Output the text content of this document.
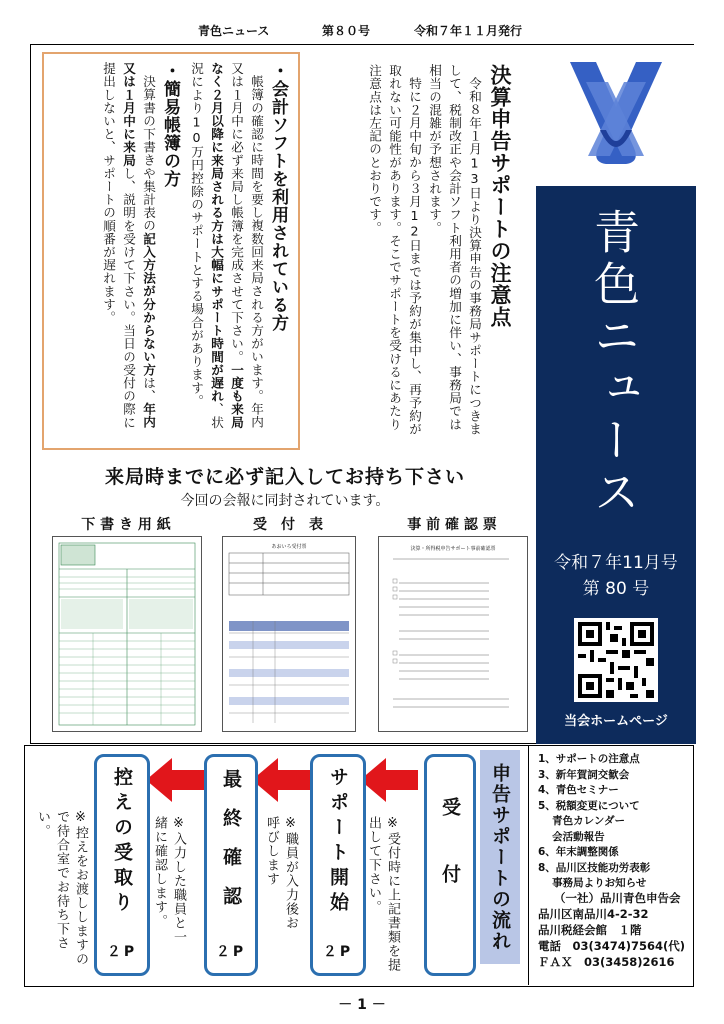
青色ニュース	第８０号	令和７年１１月発行
決算申告サポートの注意点

令和８年１月13日より決算申告の事務局サポートにつきまして、税制改正や会計ソフト利用者の増加に伴い、事務局では相当の混雑が予想されます。

特に２月中旬から３月12日までは予約が集中し、再予約が取れない可能性があります。そこでサポートを受けるにあたり注意点は左記のとおりです。

・会計ソフトを利用されている方
帳簿の確認に時間を要し複数回来局される方がいます。年内又は１月中に必ず来局し帳簿を完成させて下さい。一度も来局なく２月以降に来局される方は大幅にサポート時間が遅れ、状況により10万円控除のサポートとする場合があります。
・簡易帳簿の方
決算書の下書きや集計表の記入方法が分からない方は、年内又は１月中に来局し、説明を受けて下さい。当日の受付の際に提出しないと、サポートの順番が遅れます。
来局時までに必ず記入してお持ち下さい
今回の会報に同封されています。
下 書 き 用 紙	受　付　表	事 前 確 認 票
あおいろ受付票	決算・所得税申告サポート事前確認票
青色ニュース
令和７年11月号
第 80 号
当会ホームページ
申告サポートの流れ
受付
※受付時に上記書類を提出して下さい。
サポート開始
２P
※職員が入力後お呼びします
最終確認
２P
※入力した職員と一緒に確認します。
控えの受取り
２P
※控えをお渡ししますので待合室でお待ち下さい。
1、サポートの注意点
3、新年賀詞交歓会
4、青色セミナー
5、税額変更について
　 青色カレンダー
　 会活動報告
6、年末調整関係
8、品川区技能功労表彰
　 事務局よりお知らせ
（一社）品川青色申告会
品川区南品川4-2-32
品川税経会館　１階
電話　03(3474)7564(代)
ＦＡＸ　03(3458)2616
－ 1 －
